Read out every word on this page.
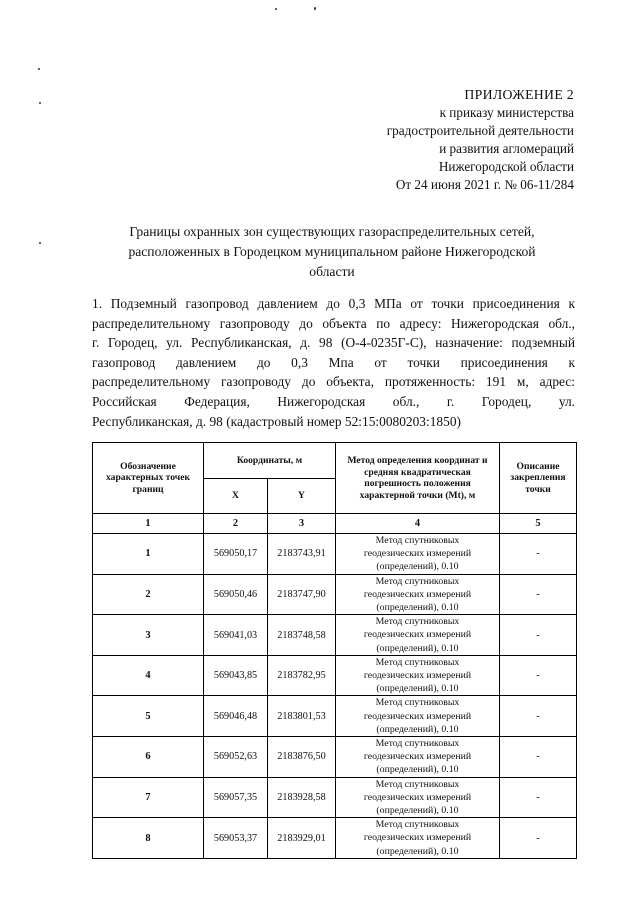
ПРИЛОЖЕНИЕ 2
к приказу министерства
градостроительной деятельности
и развития агломераций
Нижегородской области
От 24 июня 2021 г. № 06-11/284
Границы охранных зон существующих газораспределительных сетей,
расположенных в Городецком муниципальном районе Нижегородской
области
1. Подземный газопровод давлением до 0,3 МПа от точки присоединения к
распределительному газопроводу до объекта по адресу: Нижегородская обл.,
г. Городец, ул. Республиканская, д. 98 (О-4-0235Г-С), назначение: подземный
газопровод давлением до 0,3 Мпа от точки присоединения к
распределительному газопроводу до объекта, протяженность: 191 м, адрес:
Российская Федерация, Нижегородская обл., г. Городец, ул.
Республиканская, д. 98 (кадастровый номер 52:15:0080203:1850)
Обозначение характерных точек границ	Координаты, м		Метод определения координат и средняя квадратическая погрешность положения характерной точки (Mt), м	Описание закрепления точки
	X	Y		
1	2	3	4	5
1	569050,17	2183743,91	Метод спутниковых
геодезических измерений
(определений), 0.10	-
2	569050,46	2183747,90	Метод спутниковых
геодезических измерений
(определений), 0.10	-
3	569041,03	2183748,58	Метод спутниковых
геодезических измерений
(определений), 0.10	-
4	569043,85	2183782,95	Метод спутниковых
геодезических измерений
(определений), 0.10	-
5	569046,48	2183801,53	Метод спутниковых
геодезических измерений
(определений), 0.10	-
6	569052,63	2183876,50	Метод спутниковых
геодезических измерений
(определений), 0.10	-
7	569057,35	2183928,58	Метод спутниковых
геодезических измерений
(определений), 0.10	-
8	569053,37	2183929,01	Метод спутниковых
геодезических измерений
(определений), 0.10	-
